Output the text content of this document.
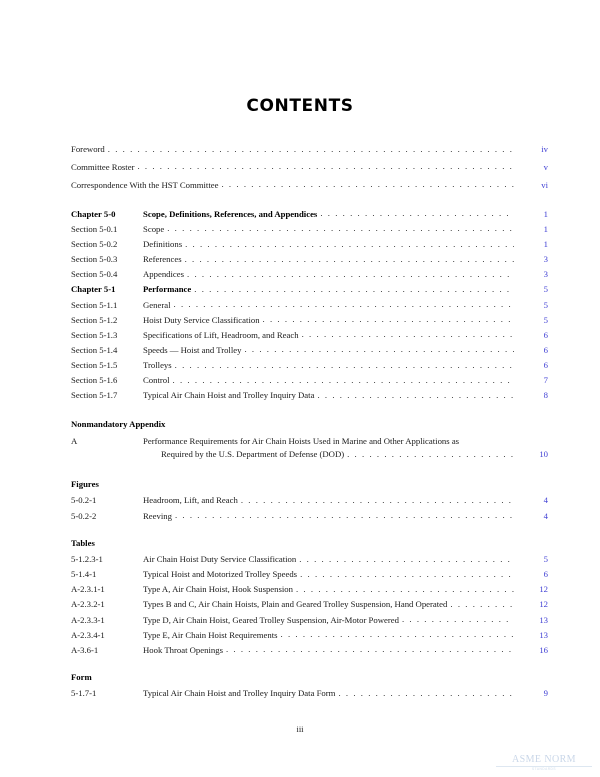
CONTENTS
Foreword . . .	iv
Committee Roster . . .	v
Correspondence With the HST Committee . . .	vi
Chapter 5-0	Scope, Definitions, References, and Appendices . . .	1
Section 5-0.1	Scope . . .	1
Section 5-0.2	Definitions . . .	1
Section 5-0.3	References . . .	3
Section 5-0.4	Appendices . . .	3
Chapter 5-1	Performance . . .	5
Section 5-1.1	General . . .	5
Section 5-1.2	Hoist Duty Service Classification . . .	5
Section 5-1.3	Specifications of Lift, Headroom, and Reach . . .	6
Section 5-1.4	Speeds — Hoist and Trolley . . .	6
Section 5-1.5	Trolleys . . .	6
Section 5-1.6	Control . . .	7
Section 5-1.7	Typical Air Chain Hoist and Trolley Inquiry Data . . .	8
Nonmandatory Appendix
A	Performance Requirements for Air Chain Hoists Used in Marine and Other Applications as
Required by the U.S. Department of Defense (DOD) . . .	10
Figures
5-0.2-1	Headroom, Lift, and Reach . . .	4
5-0.2-2	Reeving . . .	4
Tables
5-1.2.3-1	Air Chain Hoist Duty Service Classification . . .	5
5-1.4-1	Typical Hoist and Motorized Trolley Speeds . . .	6
A-2.3.1-1	Type A, Air Chain Hoist, Hook Suspension . . .	12
A-2.3.2-1	Types B and C, Air Chain Hoists, Plain and Geared Trolley Suspension, Hand Operated . . .	12
A-2.3.3-1	Type D, Air Chain Hoist, Geared Trolley Suspension, Air-Motor Powered . . .	13
A-2.3.4-1	Type E, Air Chain Hoist Requirements . . .	13
A-3.6-1	Hook Throat Openings . . .	16
Form
5-1.7-1	Typical Air Chain Hoist and Trolley Inquiry Data Form . . .	9
iii
ASME NORM
STANDARDS
